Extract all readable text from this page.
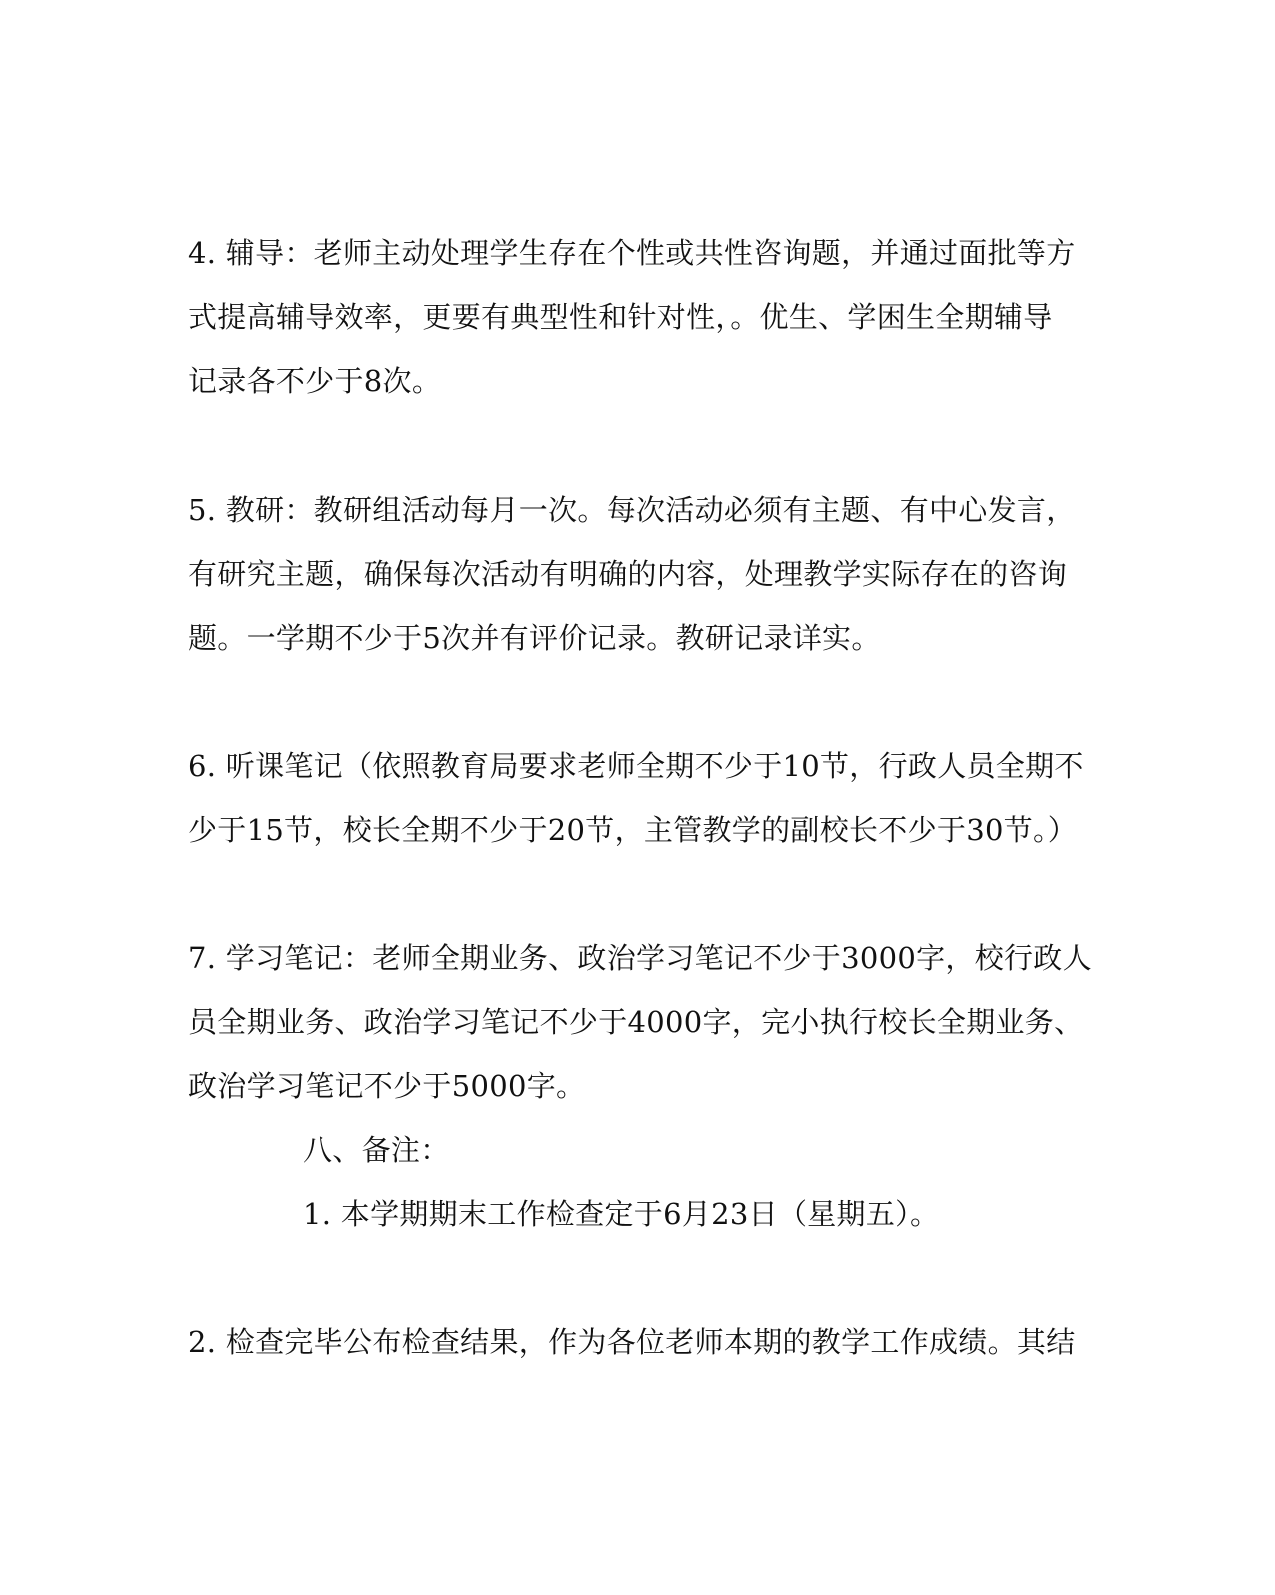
4. 辅导：老师主动处理学生存在个性或共性咨询题，并通过面批等方
式提高辅导效率，更要有典型性和针对性，。优生、学困生全期辅导
记录各不少于8次。
5. 教研：教研组活动每月一次。每次活动必须有主题、有中心发言，
有研究主题，确保每次活动有明确的内容，处理教学实际存在的咨询
题。一学期不少于5次并有评价记录。教研记录详实。
6. 听课笔记（依照教育局要求老师全期不少于10节，行政人员全期不
少于15节，校长全期不少于20节，主管教学的副校长不少于30节。）
7. 学习笔记：老师全期业务、政治学习笔记不少于3000字，校行政人
员全期业务、政治学习笔记不少于4000字，完小执行校长全期业务、
政治学习笔记不少于5000字。
八、备注：
1. 本学期期末工作检查定于6月23日（星期五）。
2. 检查完毕公布检查结果，作为各位老师本期的教学工作成绩。其结
